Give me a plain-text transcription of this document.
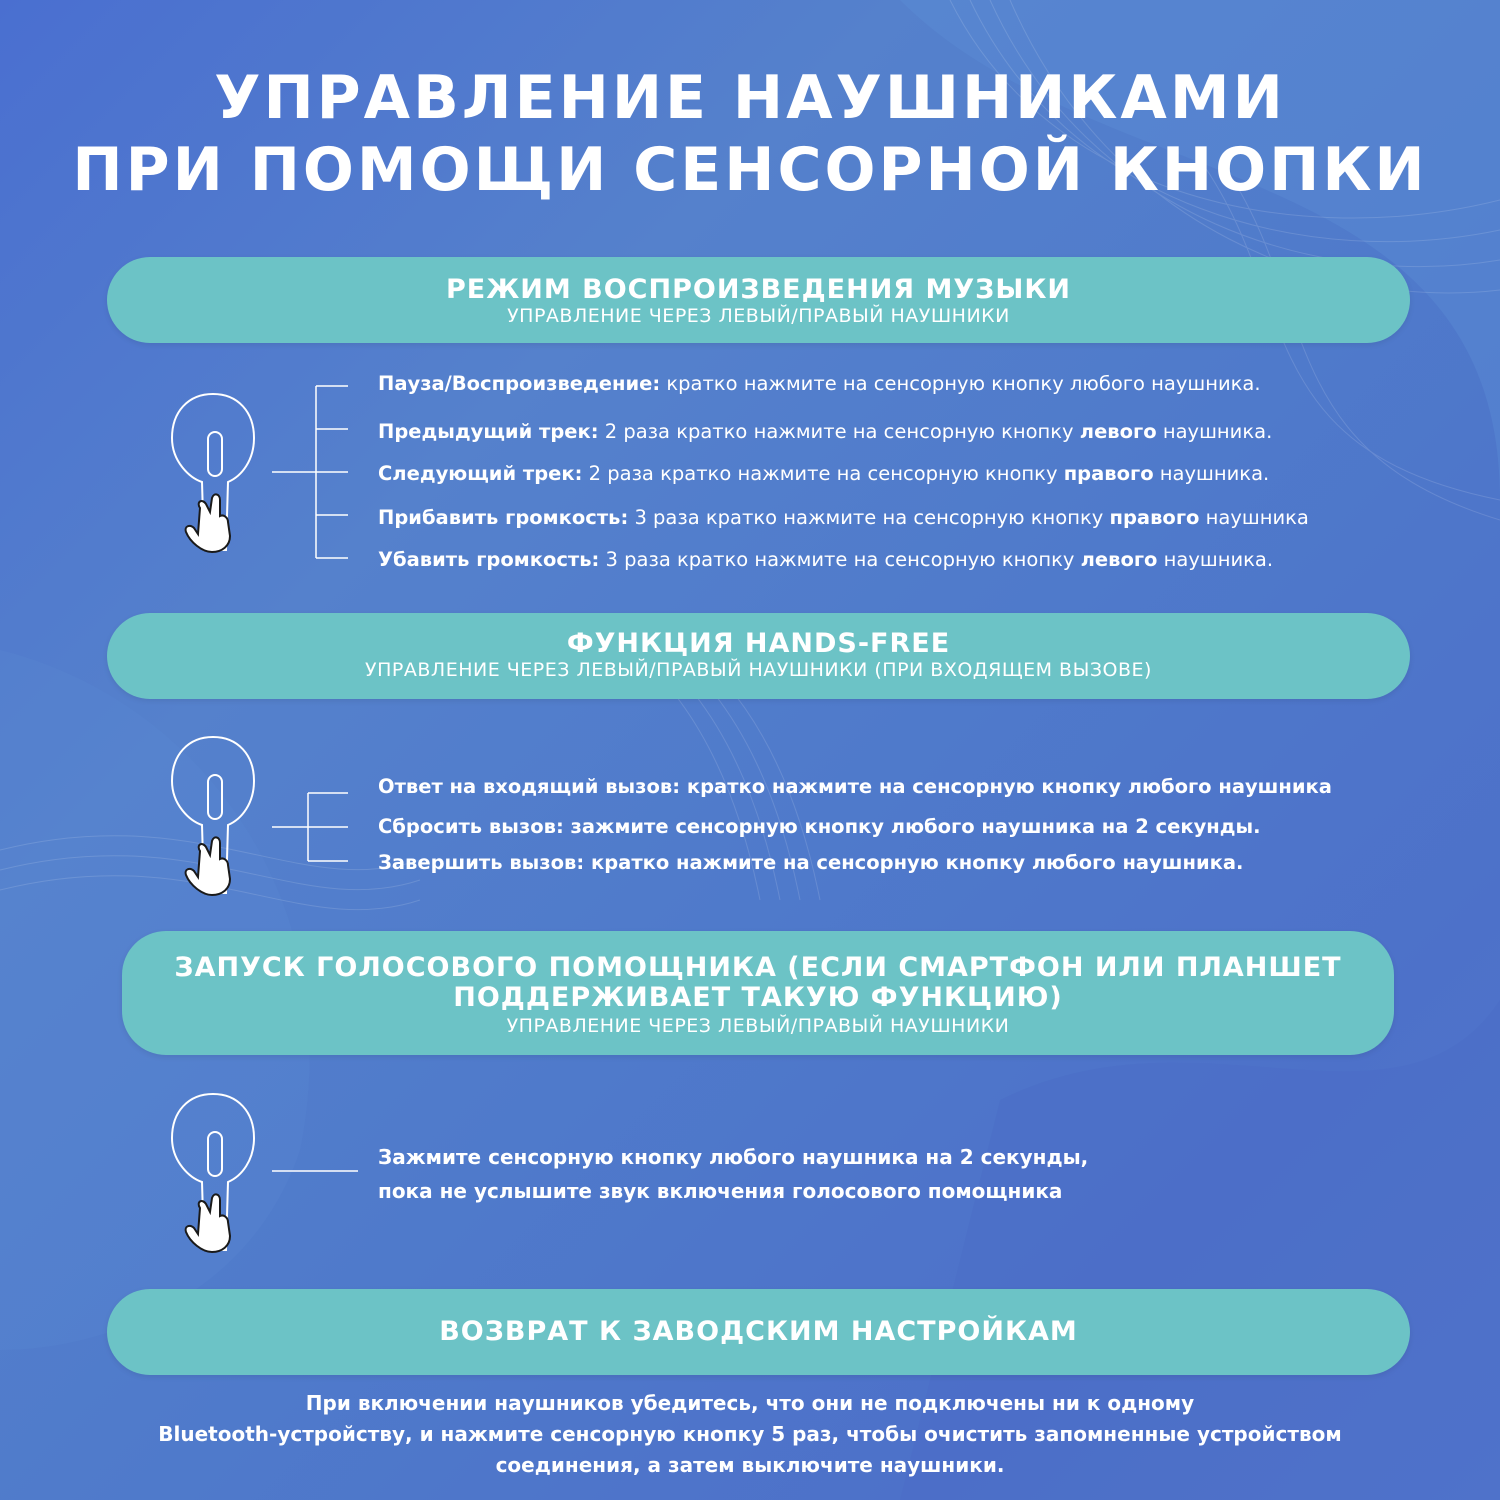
УПРАВЛЕНИЕ НАУШНИКАМИ
ПРИ ПОМОЩИ СЕНСОРНОЙ КНОПКИ
РЕЖИМ ВОСПРОИЗВЕДЕНИЯ МУЗЫКИ
УПРАВЛЕНИЕ ЧЕРЕЗ ЛЕВЫЙ/ПРАВЫЙ НАУШНИКИ
Пауза/Воспроизведение: кратко нажмите на сенсорную кнопку любого наушника.
Предыдущий трек: 2 раза кратко нажмите на сенсорную кнопку левого наушника.
Следующий трек: 2 раза кратко нажмите на сенсорную кнопку правого наушника.
Прибавить громкость: 3 раза кратко нажмите на сенсорную кнопку правого наушника
Убавить громкость: 3 раза кратко нажмите на сенсорную кнопку левого наушника.
ФУНКЦИЯ HANDS-FREE
УПРАВЛЕНИЕ ЧЕРЕЗ ЛЕВЫЙ/ПРАВЫЙ НАУШНИКИ (ПРИ ВХОДЯЩЕМ ВЫЗОВЕ)
Ответ на входящий вызов: кратко нажмите на сенсорную кнопку любого наушника
Сбросить вызов: зажмите сенсорную кнопку любого наушника на 2 секунды.
Завершить вызов: кратко нажмите на сенсорную кнопку любого наушника.
ЗАПУСК ГОЛОСОВОГО ПОМОЩНИКА (ЕСЛИ СМАРТФОН ИЛИ ПЛАНШЕТ
ПОДДЕРЖИВАЕТ ТАКУЮ ФУНКЦИЮ)
УПРАВЛЕНИЕ ЧЕРЕЗ ЛЕВЫЙ/ПРАВЫЙ НАУШНИКИ
Зажмите сенсорную кнопку любого наушника на 2 секунды,
пока не услышите звук включения голосового помощника
ВОЗВРАТ К ЗАВОДСКИМ НАСТРОЙКАМ
При включении наушников убедитесь, что они не подключены ни к одному
Bluetooth-устройству, и нажмите сенсорную кнопку 5 раз, чтобы очистить запомненные устройством
соединения, а затем выключите наушники.
